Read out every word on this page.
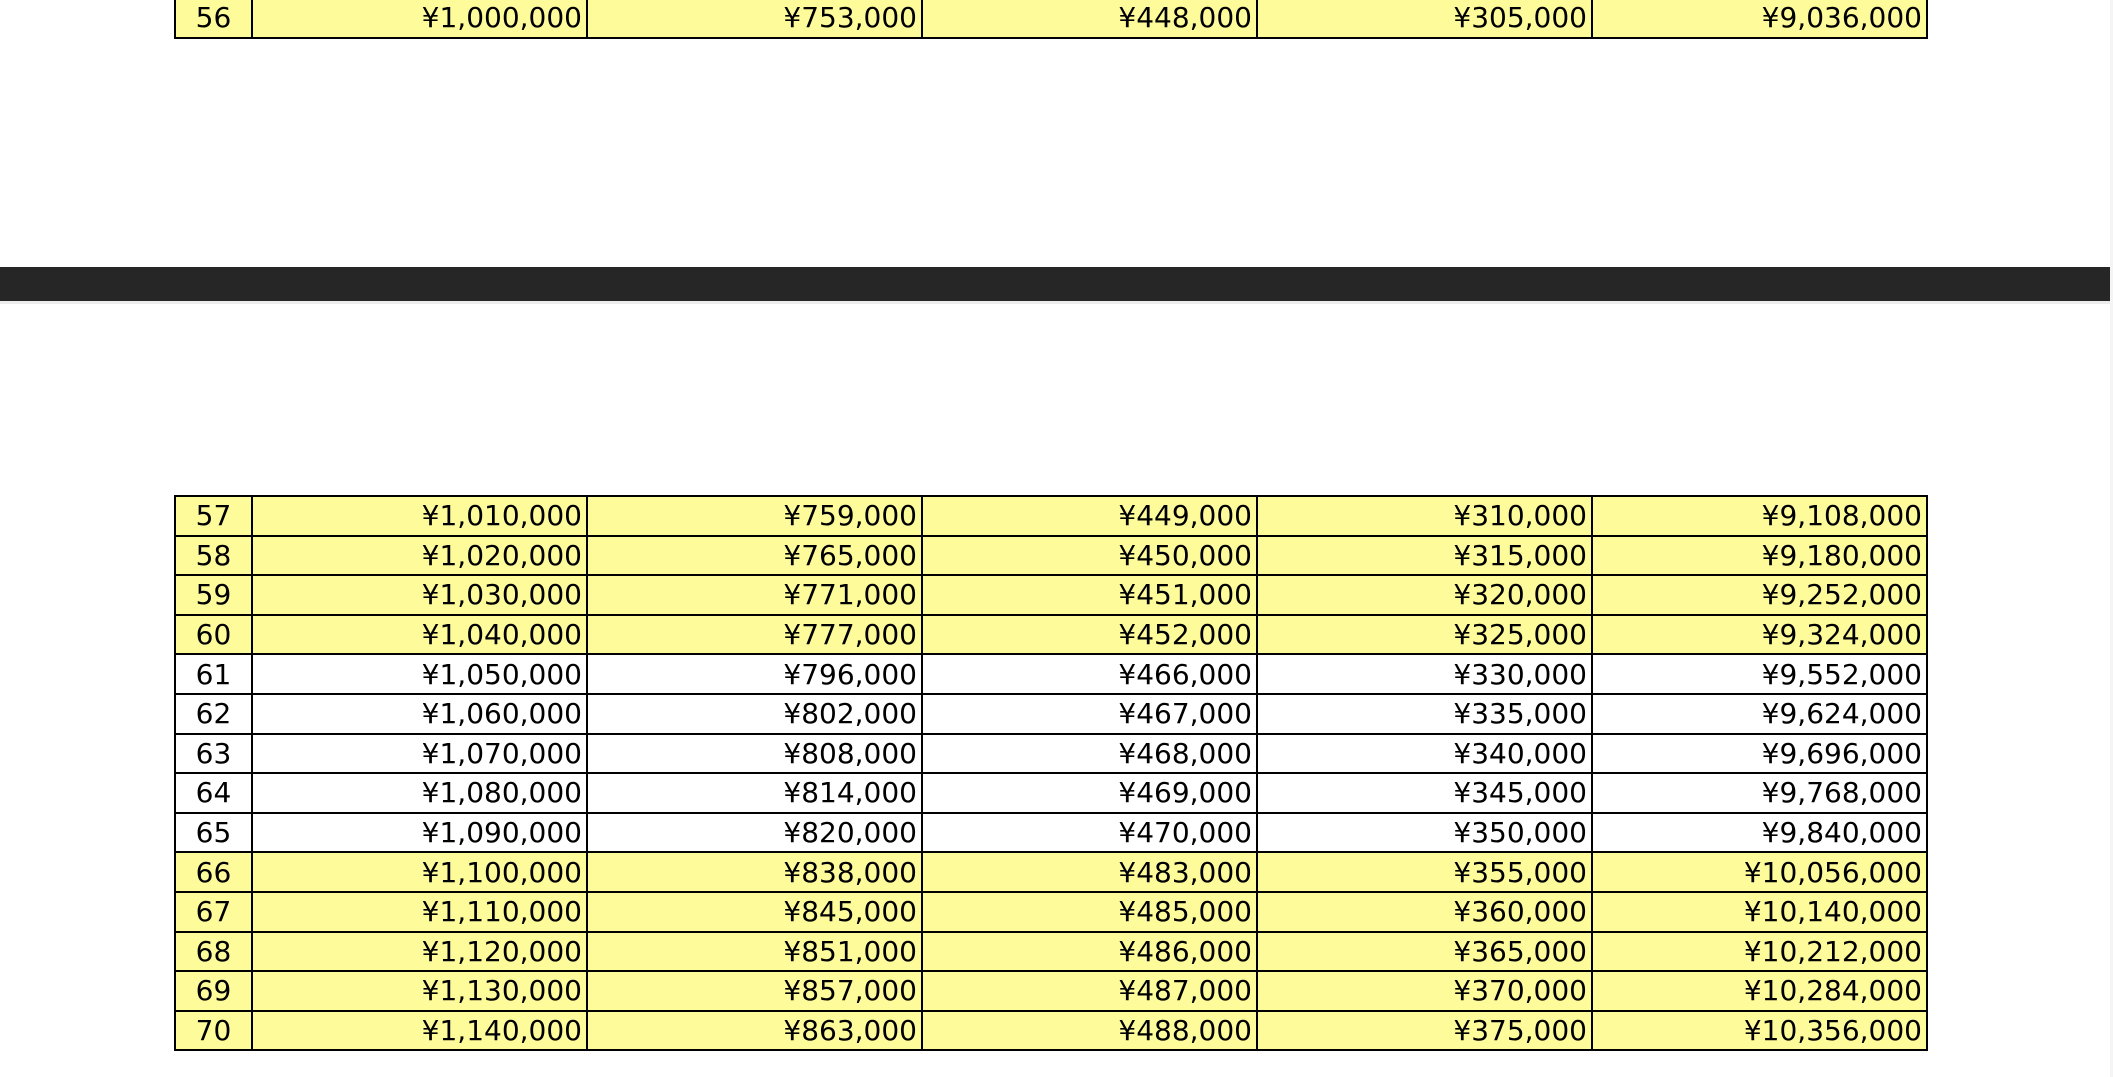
56	¥1,000,000	¥753,000	¥448,000	¥305,000	¥9,036,000
57	¥1,010,000	¥759,000	¥449,000	¥310,000	¥9,108,000
58	¥1,020,000	¥765,000	¥450,000	¥315,000	¥9,180,000
59	¥1,030,000	¥771,000	¥451,000	¥320,000	¥9,252,000
60	¥1,040,000	¥777,000	¥452,000	¥325,000	¥9,324,000
61	¥1,050,000	¥796,000	¥466,000	¥330,000	¥9,552,000
62	¥1,060,000	¥802,000	¥467,000	¥335,000	¥9,624,000
63	¥1,070,000	¥808,000	¥468,000	¥340,000	¥9,696,000
64	¥1,080,000	¥814,000	¥469,000	¥345,000	¥9,768,000
65	¥1,090,000	¥820,000	¥470,000	¥350,000	¥9,840,000
66	¥1,100,000	¥838,000	¥483,000	¥355,000	¥10,056,000
67	¥1,110,000	¥845,000	¥485,000	¥360,000	¥10,140,000
68	¥1,120,000	¥851,000	¥486,000	¥365,000	¥10,212,000
69	¥1,130,000	¥857,000	¥487,000	¥370,000	¥10,284,000
70	¥1,140,000	¥863,000	¥488,000	¥375,000	¥10,356,000
